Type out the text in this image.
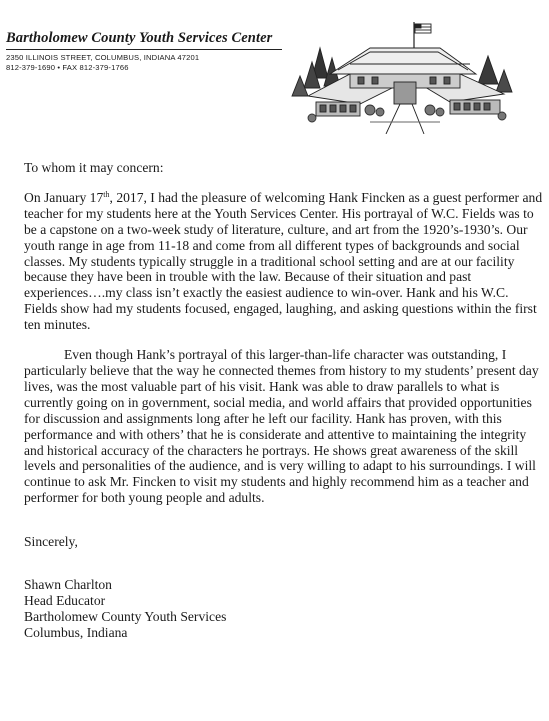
Bartholomew County Youth Services Center
2350 ILLINOIS STREET, COLUMBUS, INDIANA 47201
812-379-1690 • FAX 812-379-1766

To whom it may concern:

On January 17th, 2017, I had the pleasure of welcoming Hank Fincken as a guest performer and teacher for my students here at the Youth Services Center. His portrayal of W.C. Fields was to be a capstone on a two-week study of literature, culture, and art from the 1920’s-1930’s. Our youth range in age from 11-18 and come from all different types of backgrounds and social classes. My students typically struggle in a traditional school setting and are at our facility because they have been in trouble with the law. Because of their situation and past experiences….my class isn’t exactly the easiest audience to win-over. Hank and his W.C. Fields show had my students focused, engaged, laughing, and asking questions within the first ten minutes.

Even though Hank’s portrayal of this larger-than-life character was outstanding, I particularly believe that the way he connected themes from history to my students’ present day lives, was the most valuable part of his visit. Hank was able to draw parallels to what is currently going on in government, social media, and world affairs that provided opportunities for discussion and assignments long after he left our facility. Hank has proven, with this performance and with others’ that he is considerate and attentive to maintaining the integrity and historical accuracy of the characters he portrays. He shows great awareness of the skill levels and personalities of the audience, and is very willing to adapt to his surroundings. I will continue to ask Mr. Fincken to visit my students and highly recommend him as a teacher and performer for both young people and adults.

Sincerely,

Shawn Charlton

Head Educator

Bartholomew County Youth Services

Columbus, Indiana
